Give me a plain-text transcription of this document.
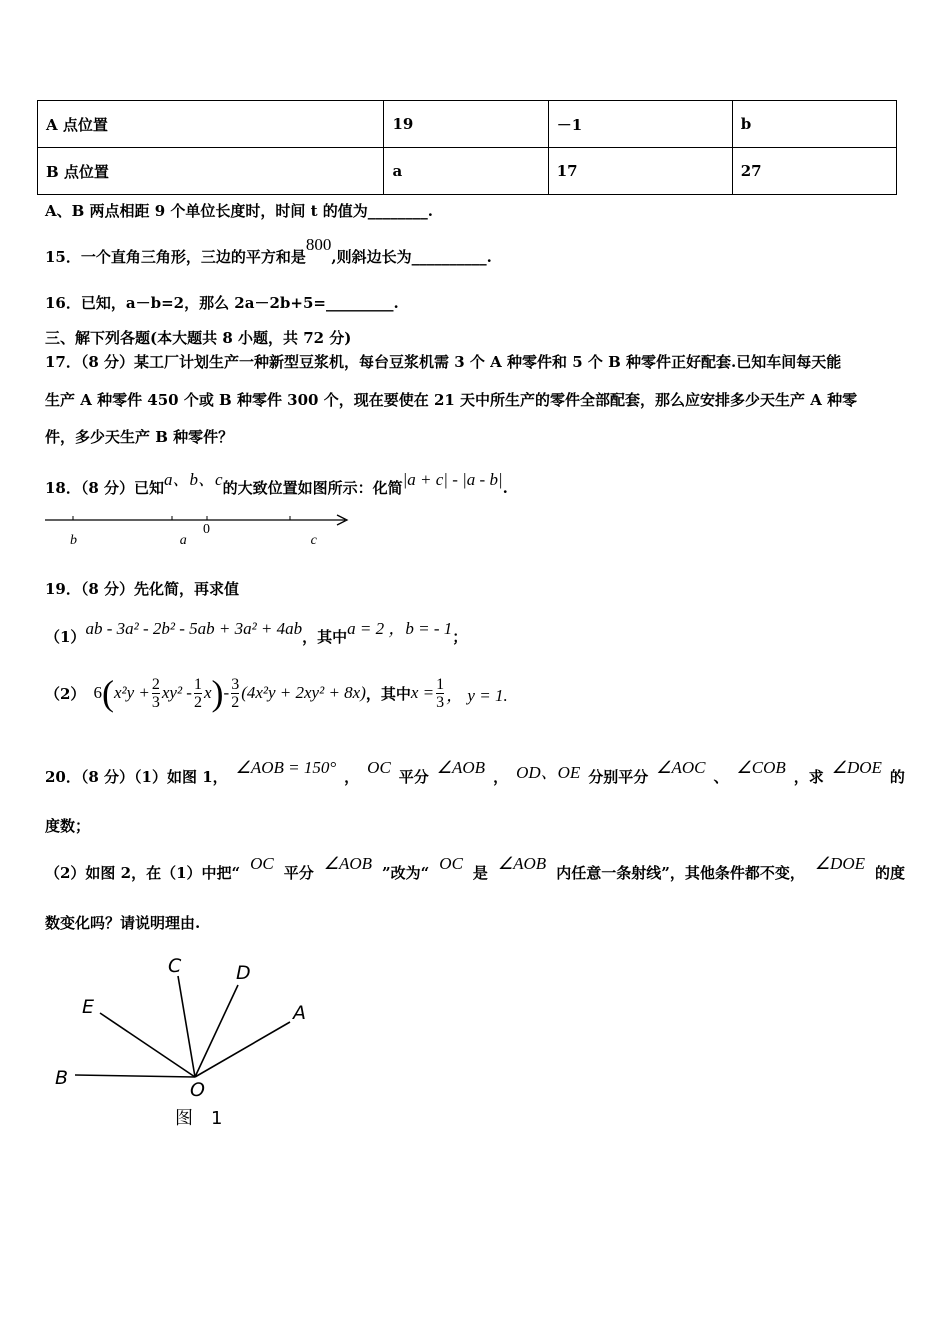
A 点位置	19	－1	b
B 点位置	a	17	27
A、B 两点相距 9 个单位长度时，时间 t 的值为________.
15．一个直角三角形，三边的平方和是800,则斜边长为__________.
16．已知，a－b=2，那么 2a－2b+5=_________.
三、解下列各题(本大题共 8 小题，共 72 分)
17．（8 分）某工厂计划生产一种新型豆浆机，每台豆浆机需 3 个 A 种零件和 5 个 B 种零件正好配套.已知车间每天能
生产 A 种零件 450 个或 B 种零件 300 个，现在要使在 21 天中所生产的零件全部配套，那么应安排多少天生产 A 种零
件，多少天生产 B 种零件？
18．（8 分）已知a、b、c的大致位置如图所示：化简|a + c| - |a - b|.
b	a
0
c
19．（8 分）先化简，再求值
（1）ab - 3a² - 2b² - 5ab + 3a² + 4ab，其中a = 2 ，b = - 1；
（2） 6 ( $x^2y + \frac{2}{3} xy^2 - \frac{1}{2}$ x ) - $\frac{3}{2} (4x^2y + 2xy^2 + 8x)$ ，其中 $x = \frac{1}{3}$ ， y = 1.
20．（8 分）（1）如图 1， ∠AOB = 150° ， OC 平分 ∠AOB ， OD、OE 分别平分 ∠AOC 、 ∠COB ，求 ∠DOE 的
度数；
（2）如图 2，在（1）中把“ OC 平分 ∠AOB ”改为“ OC 是 ∠AOB 内任意一条射线”，其他条件都不变， ∠DOE 的度
数变化吗？请说明理由.
C	D
E	A
B
O
图　1
